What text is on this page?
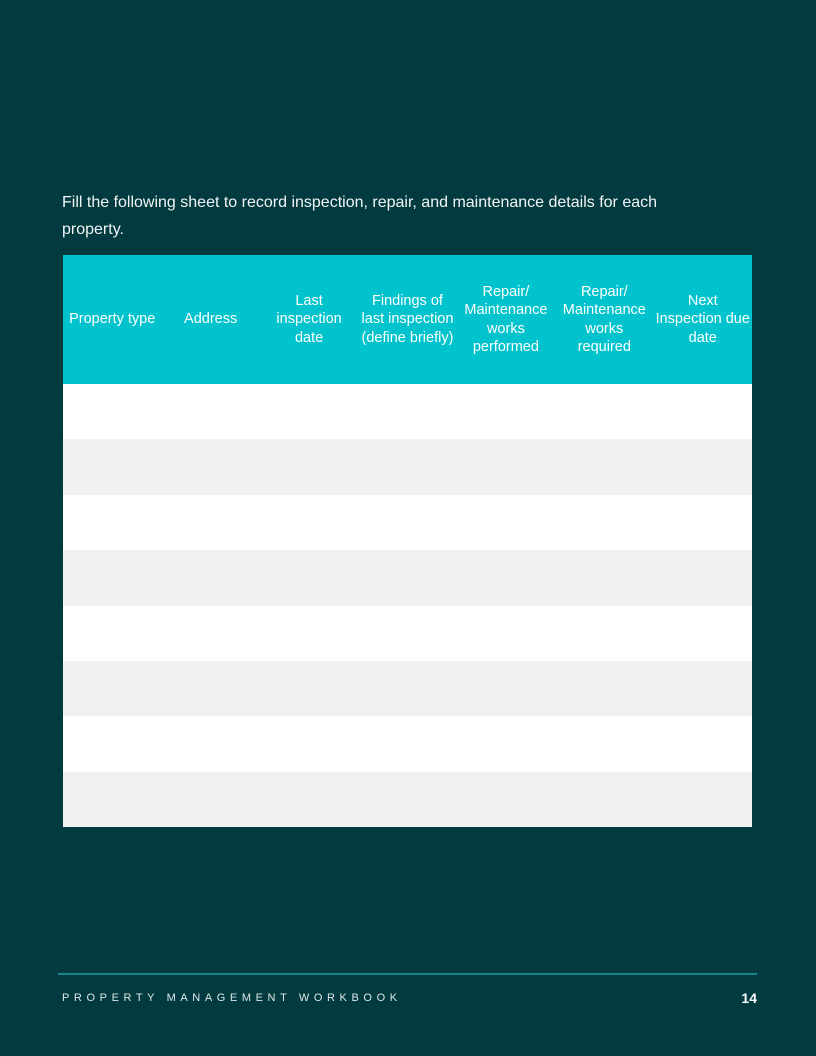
Fill the following sheet to record inspection, repair, and maintenance details for each property.
Property type	Address	Last inspection date	Findings of last inspection (define briefly)	Repair/ Maintenance works performed	Repair/ Maintenance works required	Next Inspection due date

PROPERTY MANAGEMENT WORKBOOK	14
